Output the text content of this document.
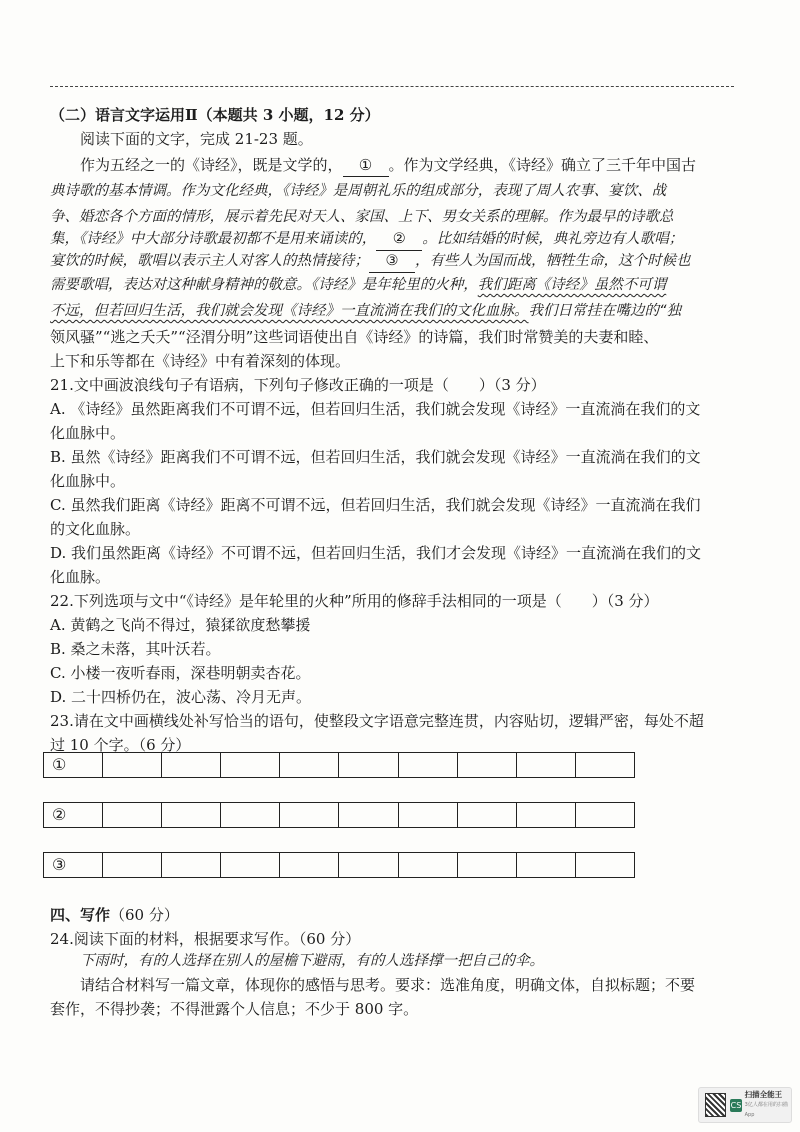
（二）语言文字运用Ⅱ（本题共 3 小题，12 分）
阅读下面的文字，完成 21-23 题。
作为五经之一的《诗经》，既是文学的， ① 。作为文学经典，《诗经》确立了三千年中国古
典诗歌的基本情调。作为文化经典，《诗经》是周朝礼乐的组成部分，表现了周人农事、宴饮、战
争、婚恋各个方面的情形，展示着先民对天人、家国、上下、男女关系的理解。作为最早的诗歌总
集，《诗经》中大部分诗歌最初都不是用来诵读的， ② 。比如结婚的时候，典礼旁边有人歌唱；
宴饮的时候，歌唱以表示主人对客人的热情接待； ③ ，有些人为国而战，牺牲生命，这个时候也
需要歌唱，表达对这种献身精神的敬意。《诗经》是年轮里的火种，我们距离《诗经》虽然不可谓
不远，但若回归生活，我们就会发现《诗经》一直流淌在我们的文化血脉。我们日常挂在嘴边的“独
领风骚”“逃之夭夭”“泾渭分明”这些词语使出自《诗经》的诗篇，我们时常赞美的夫妻和睦、
上下和乐等都在《诗经》中有着深刻的体现。
21.文中画波浪线句子有语病，下列句子修改正确的一项是（　　）（3 分）
A. 《诗经》虽然距离我们不可谓不远，但若回归生活，我们就会发现《诗经》一直流淌在我们的文
化血脉中。
B. 虽然《诗经》距离我们不可谓不远，但若回归生活，我们就会发现《诗经》一直流淌在我们的文
化血脉中。
C. 虽然我们距离《诗经》距离不可谓不远，但若回归生活，我们就会发现《诗经》一直流淌在我们
的文化血脉。
D. 我们虽然距离《诗经》不可谓不远，但若回归生活，我们才会发现《诗经》一直流淌在我们的文
化血脉。
22.下列选项与文中“《诗经》是年轮里的火种”所用的修辞手法相同的一项是（　　）（3 分）
A. 黄鹤之飞尚不得过，猿猱欲度愁攀援
B. 桑之未落，其叶沃若。
C. 小楼一夜听春雨，深巷明朝卖杏花。
D. 二十四桥仍在，波心荡、冷月无声。
23.请在文中画横线处补写恰当的语句，使整段文字语意完整连贯，内容贴切，逻辑严密，每处不超
过 10 个字。（6 分）
①
②
③
四、写作（60 分）
24.阅读下面的材料，根据要求写作。（60 分）
下雨时，有的人选择在别人的屋檐下避雨，有的人选择撑一把自己的伞。
请结合材料写一篇文章，体现你的感悟与思考。要求：选准角度，明确文体，自拟标题；不要
套作，不得抄袭；不得泄露个人信息；不少于 800 字。
CS
扫描全能王
3亿人都在用的扫描App
